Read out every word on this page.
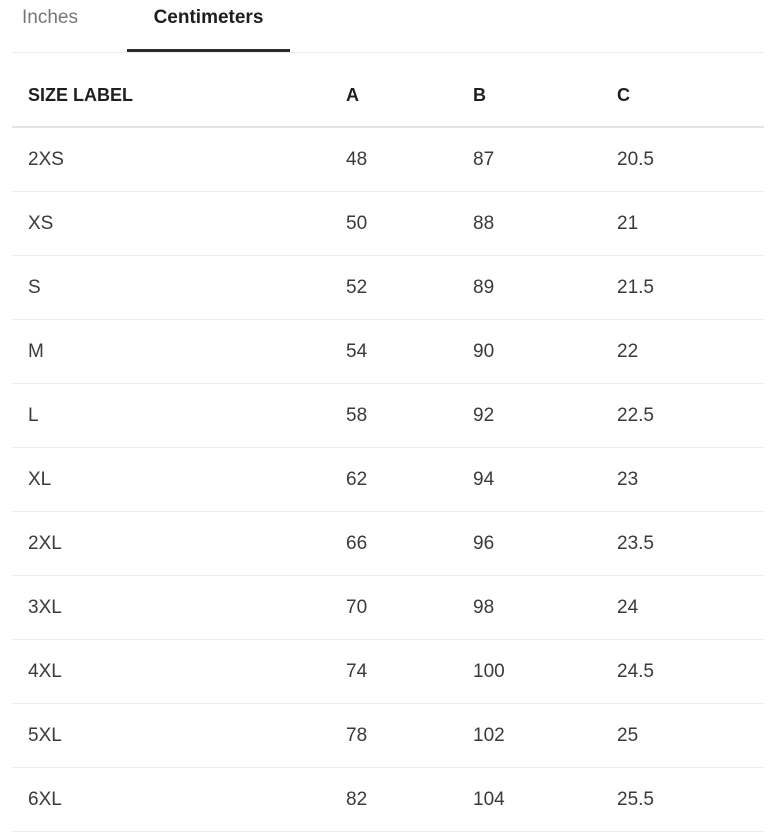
Inches	Centimeters
SIZE LABEL	A	B	C
2XS	48	87	20.5
XS	50	88	21
S	52	89	21.5
M	54	90	22
L	58	92	22.5
XL	62	94	23
2XL	66	96	23.5
3XL	70	98	24
4XL	74	100	24.5
5XL	78	102	25
6XL	82	104	25.5
